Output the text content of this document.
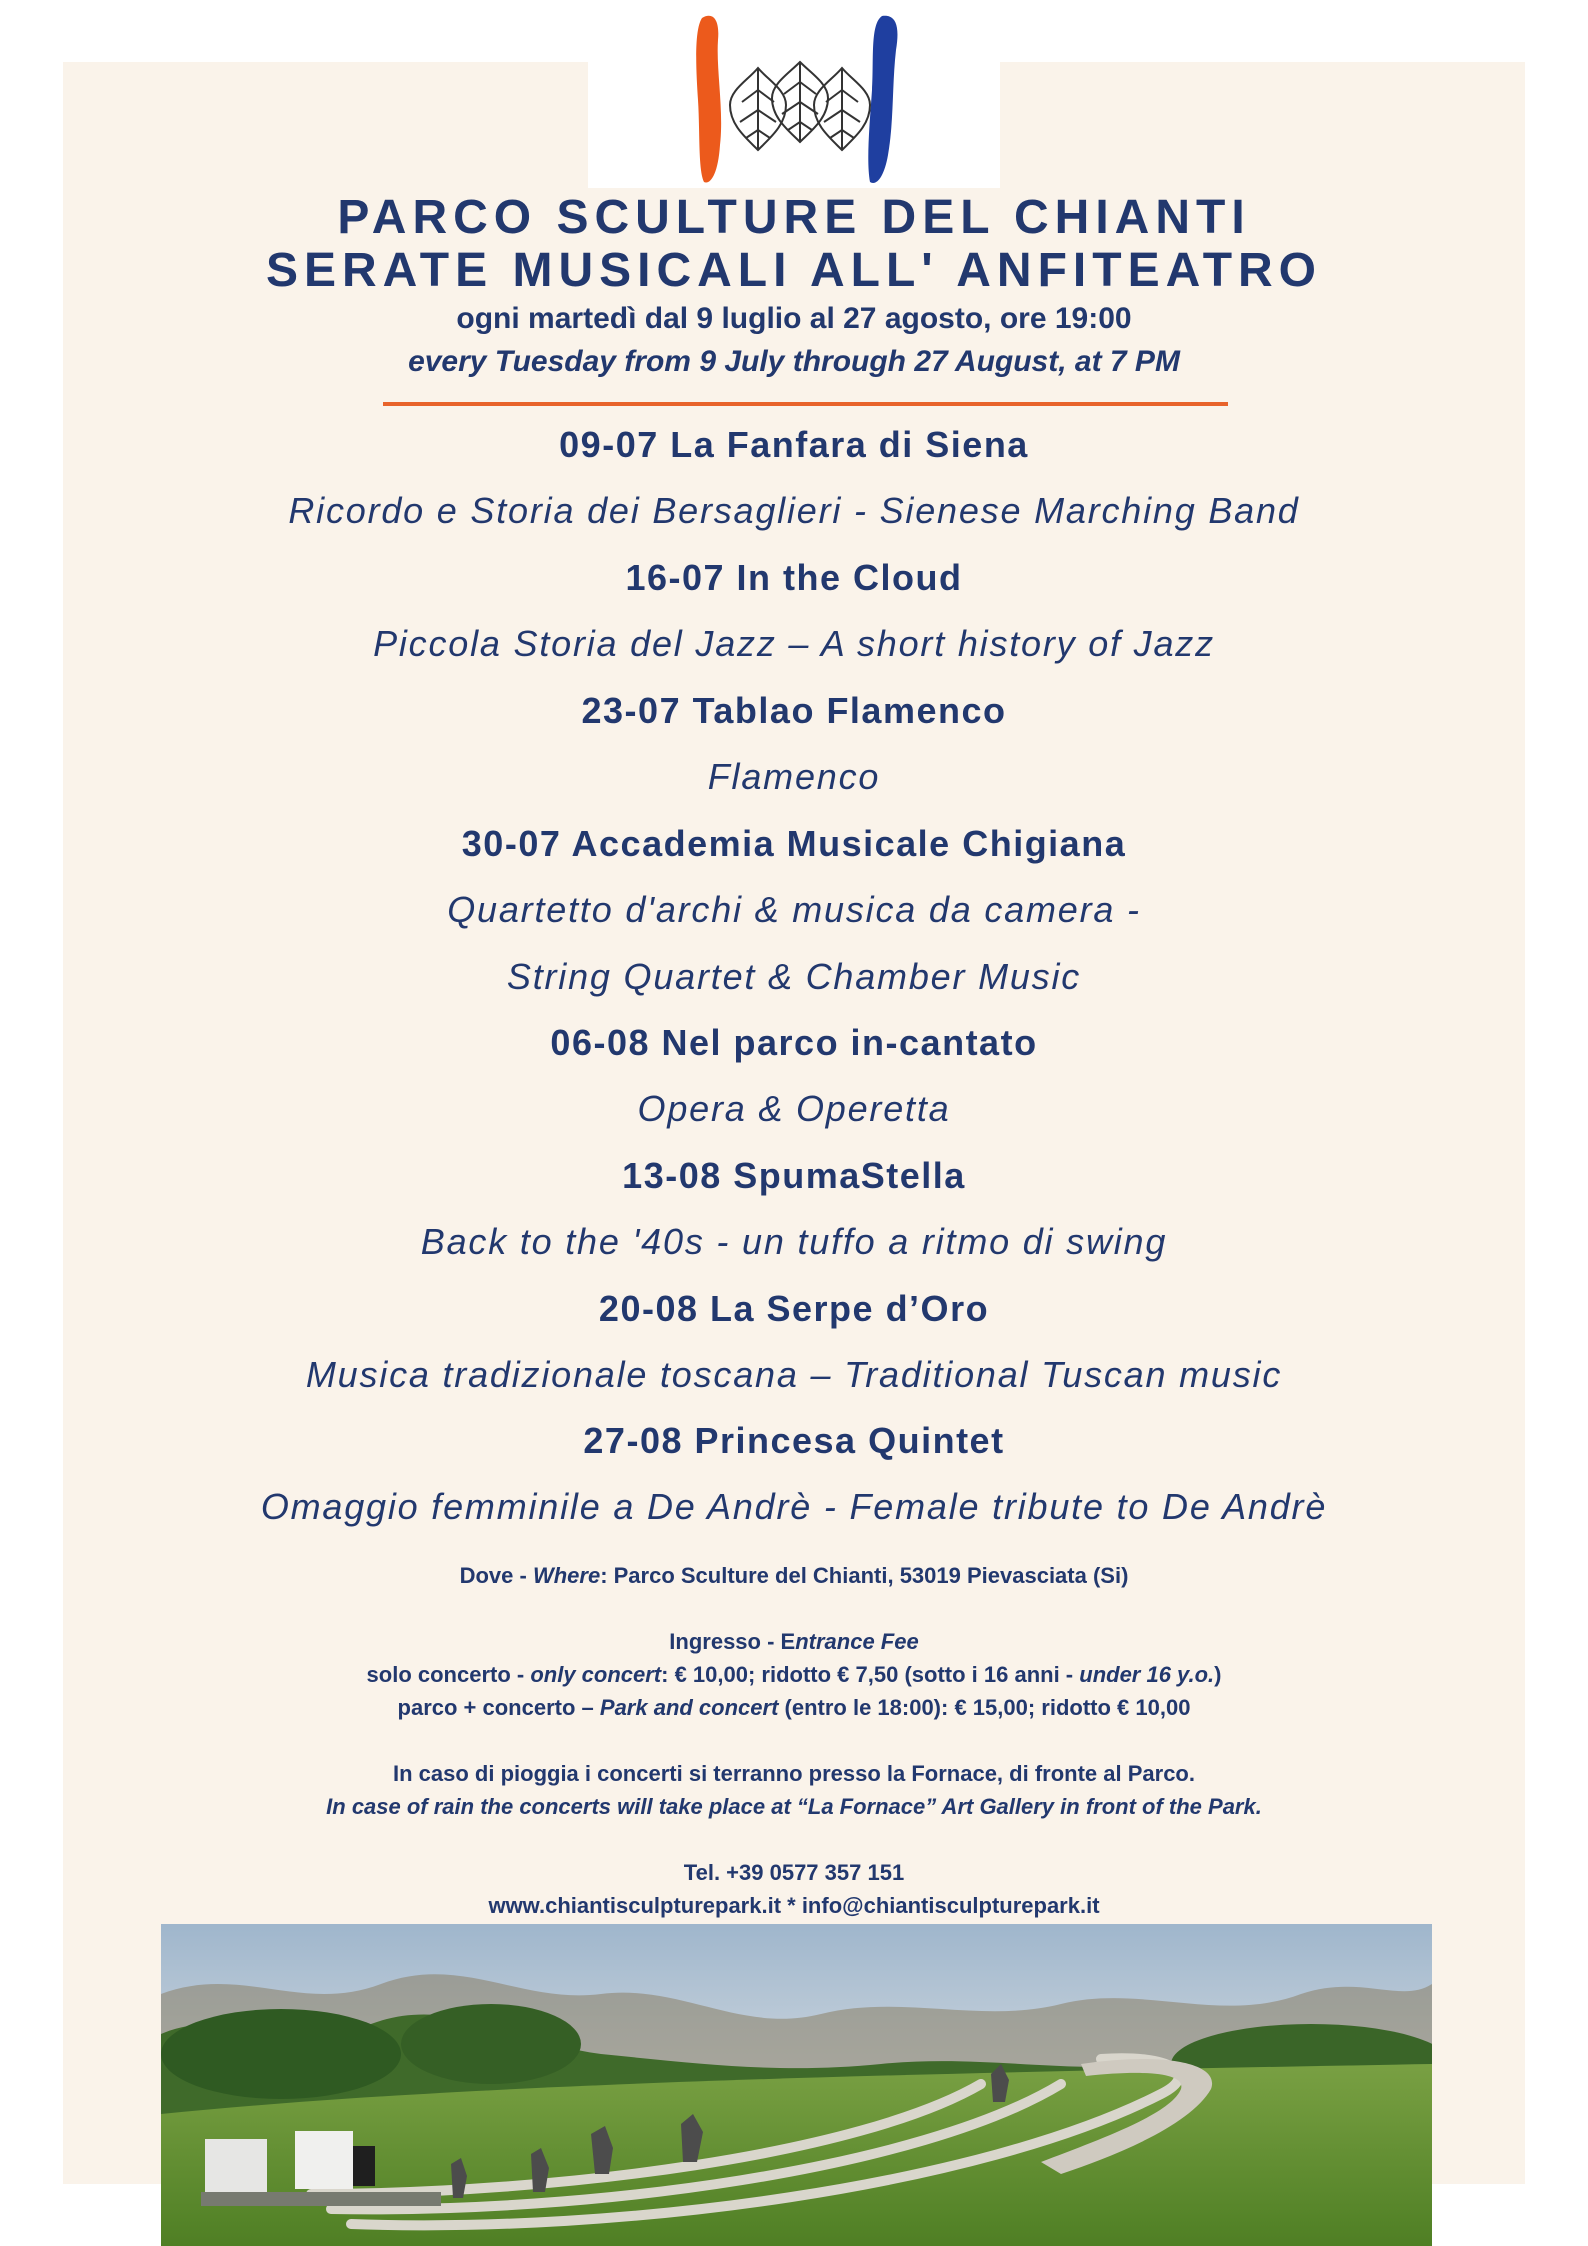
PARCO SCULTURE DEL CHIANTI
SERATE MUSICALI ALL' ANFITEATRO
ogni martedì dal 9 luglio al 27 agosto, ore 19:00
every Tuesday from 9 July through 27 August, at 7 PM
09-07 La Fanfara di Siena
Ricordo e Storia dei Bersaglieri - Sienese Marching Band
16-07 In the Cloud
Piccola Storia del Jazz – A short history of Jazz
23-07 Tablao Flamenco
Flamenco
30-07 Accademia Musicale Chigiana
Quartetto d'archi & musica da camera -
String Quartet & Chamber Music
06-08 Nel parco in-cantato
Opera & Operetta
13-08 SpumaStella
Back to the '40s - un tuffo a ritmo di swing
20-08 La Serpe d’Oro
Musica tradizionale toscana – Traditional Tuscan music
27-08 Princesa Quintet
Omaggio femminile a De Andrè - Female tribute to De Andrè
Dove - Where: Parco Sculture del Chianti, 53019 Pievasciata (Si)
Ingresso - Entrance Fee
solo concerto - only concert: € 10,00; ridotto € 7,50 (sotto i 16 anni - under 16 y.o.)
parco + concerto – Park and concert (entro le 18:00): € 15,00; ridotto € 10,00
In caso di pioggia i concerti si terranno presso la Fornace, di fronte al Parco.
In case of rain the concerts will take place at “La Fornace” Art Gallery in front of the Park.
Tel. +39 0577 357 151
www.chiantisculpturepark.it * info@chiantisculpturepark.it
